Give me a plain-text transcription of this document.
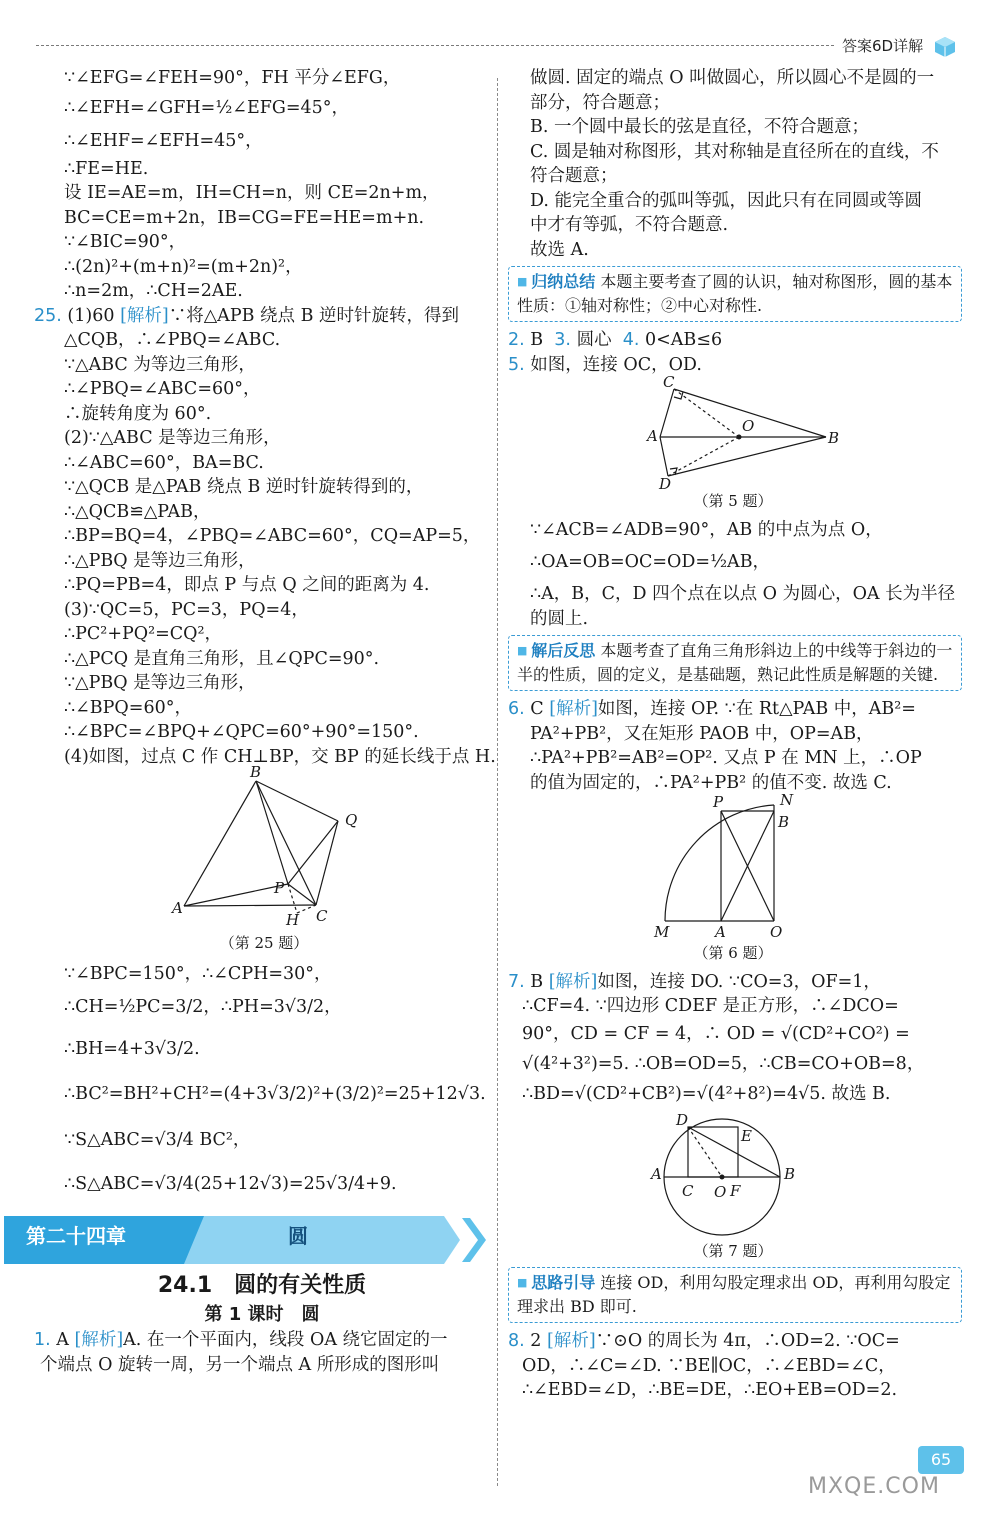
答案6D详解

∵∠EFG=∠FEH=90°，FH 平分∠EFG，

∴∠EFH=∠GFH=½∠EFG=45°，

∴∠EHF=∠EFH=45°，

∴FE=HE.

设 IE=AE=m，IH=CH=n，则 CE=2n+m，

BC=CE=m+2n，IB=CG=FE=HE=m+n.

∵∠BIC=90°，

∴(2n)²+(m+n)²=(m+2n)²，

∴n=2m，∴CH=2AE.

25. (1)60 [解析]∵将△APB 绕点 B 逆时针旋转，得到

△CQB，∴∠PBQ=∠ABC.

∵△ABC 为等边三角形，

∴∠PBQ=∠ABC=60°，

∴旋转角度为 60°.

(2)∵△ABC 是等边三角形，

∴∠ABC=60°，BA=BC.

∵△QCB 是△PAB 绕点 B 逆时针旋转得到的，

∴△QCB≌△PAB，

∴BP=BQ=4，∠PBQ=∠ABC=60°，CQ=AP=5，

∴△PBQ 是等边三角形，

∴PQ=PB=4，即点 P 与点 Q 之间的距离为 4.

(3)∵QC=5，PC=3，PQ=4，

∴PC²+PQ²=CQ²，

∴△PCQ 是直角三角形，且∠QPC=90°.

∵△PBQ 是等边三角形，

∴∠BPQ=60°，

∴∠BPC=∠BPQ+∠QPC=60°+90°=150°.

(4)如图，过点 C 作 CH⊥BP，交 BP 的延长线于点 H.

B
Q
A
P
H C
（第 25 题）

∵∠BPC=150°，∴∠CPH=30°，

∴CH=½PC=3/2，∴PH=3√3/2，

∴BH=4+3√3/2.

∴BC²=BH²+CH²=(4+3√3/2)²+(3/2)²=25+12√3.

∵S△ABC=√3/4 BC²，

∴S△ABC=√3/4(25+12√3)=25√3/4+9.

第二十四章	圆
24.1　圆的有关性质
第 1 课时　圆

1. A [解析]A. 在一个平面内，线段 OA 绕它固定的一

个端点 O 旋转一周，另一个端点 A 所形成的图形叫

做圆. 固定的端点 O 叫做圆心，所以圆心不是圆的一

部分，符合题意；

B. 一个圆中最长的弦是直径，不符合题意；

C. 圆是轴对称图形，其对称轴是直径所在的直线，不

符合题意；

D. 能完全重合的弧叫等弧，因此只有在同圆或等圆

中才有等弧，不符合题意.

故选 A.

■ 归纳总结 本题主要考查了圆的认识，轴对称图形，圆的基本性质：①轴对称性；②中心对称性.

2. B 3. 圆心 4. 0<AB≤6

5. 如图，连接 OC，OD.

C
A
O
B
D
（第 5 题）

∵∠ACB=∠ADB=90°，AB 的中点为点 O，

∴OA=OB=OC=OD=½AB，

∴A，B，C，D 四个点在以点 O 为圆心，OA 长为半径

的圆上.

■ 解后反思 本题考查了直角三角形斜边上的中线等于斜边的一半的性质，圆的定义，是基础题，熟记此性质是解题的关键.

6. C [解析]如图，连接 OP. ∵在 Rt△PAB 中，AB²=

PA²+PB²，又在矩形 PAOB 中，OP=AB，

∴PA²+PB²=AB²=OP². 又点 P 在 MN 上，∴OP

的值为固定的，∴PA²+PB² 的值不变. 故选 C.

P	N
B
M	A	O
（第 6 题）

7. B [解析]如图，连接 DO. ∵CO=3，OF=1，

∴CF=4. ∵四边形 CDEF 是正方形，∴∠DCO=

90°，CD = CF = 4，∴ OD = √(CD²+CO²) =

√(4²+3²)=5. ∴OB=OD=5，∴CB=CO+OB=8，

∴BD=√(CD²+CB²)=√(4²+8²)=4√5. 故选 B.

D
E
A
C O F
B
（第 7 题）
■ 思路引导 连接 OD，利用勾股定理求出 OD，再利用勾股定理求出 BD 即可.

8. 2 [解析]∵⊙O 的周长为 4π，∴OD=2. ∵OC=

OD，∴∠C=∠D. ∵BE∥OC，∴∠EBD=∠C，

∴∠EBD=∠D，∴BE=DE，∴EO+EB=OD=2.

65
MXQE.COM
